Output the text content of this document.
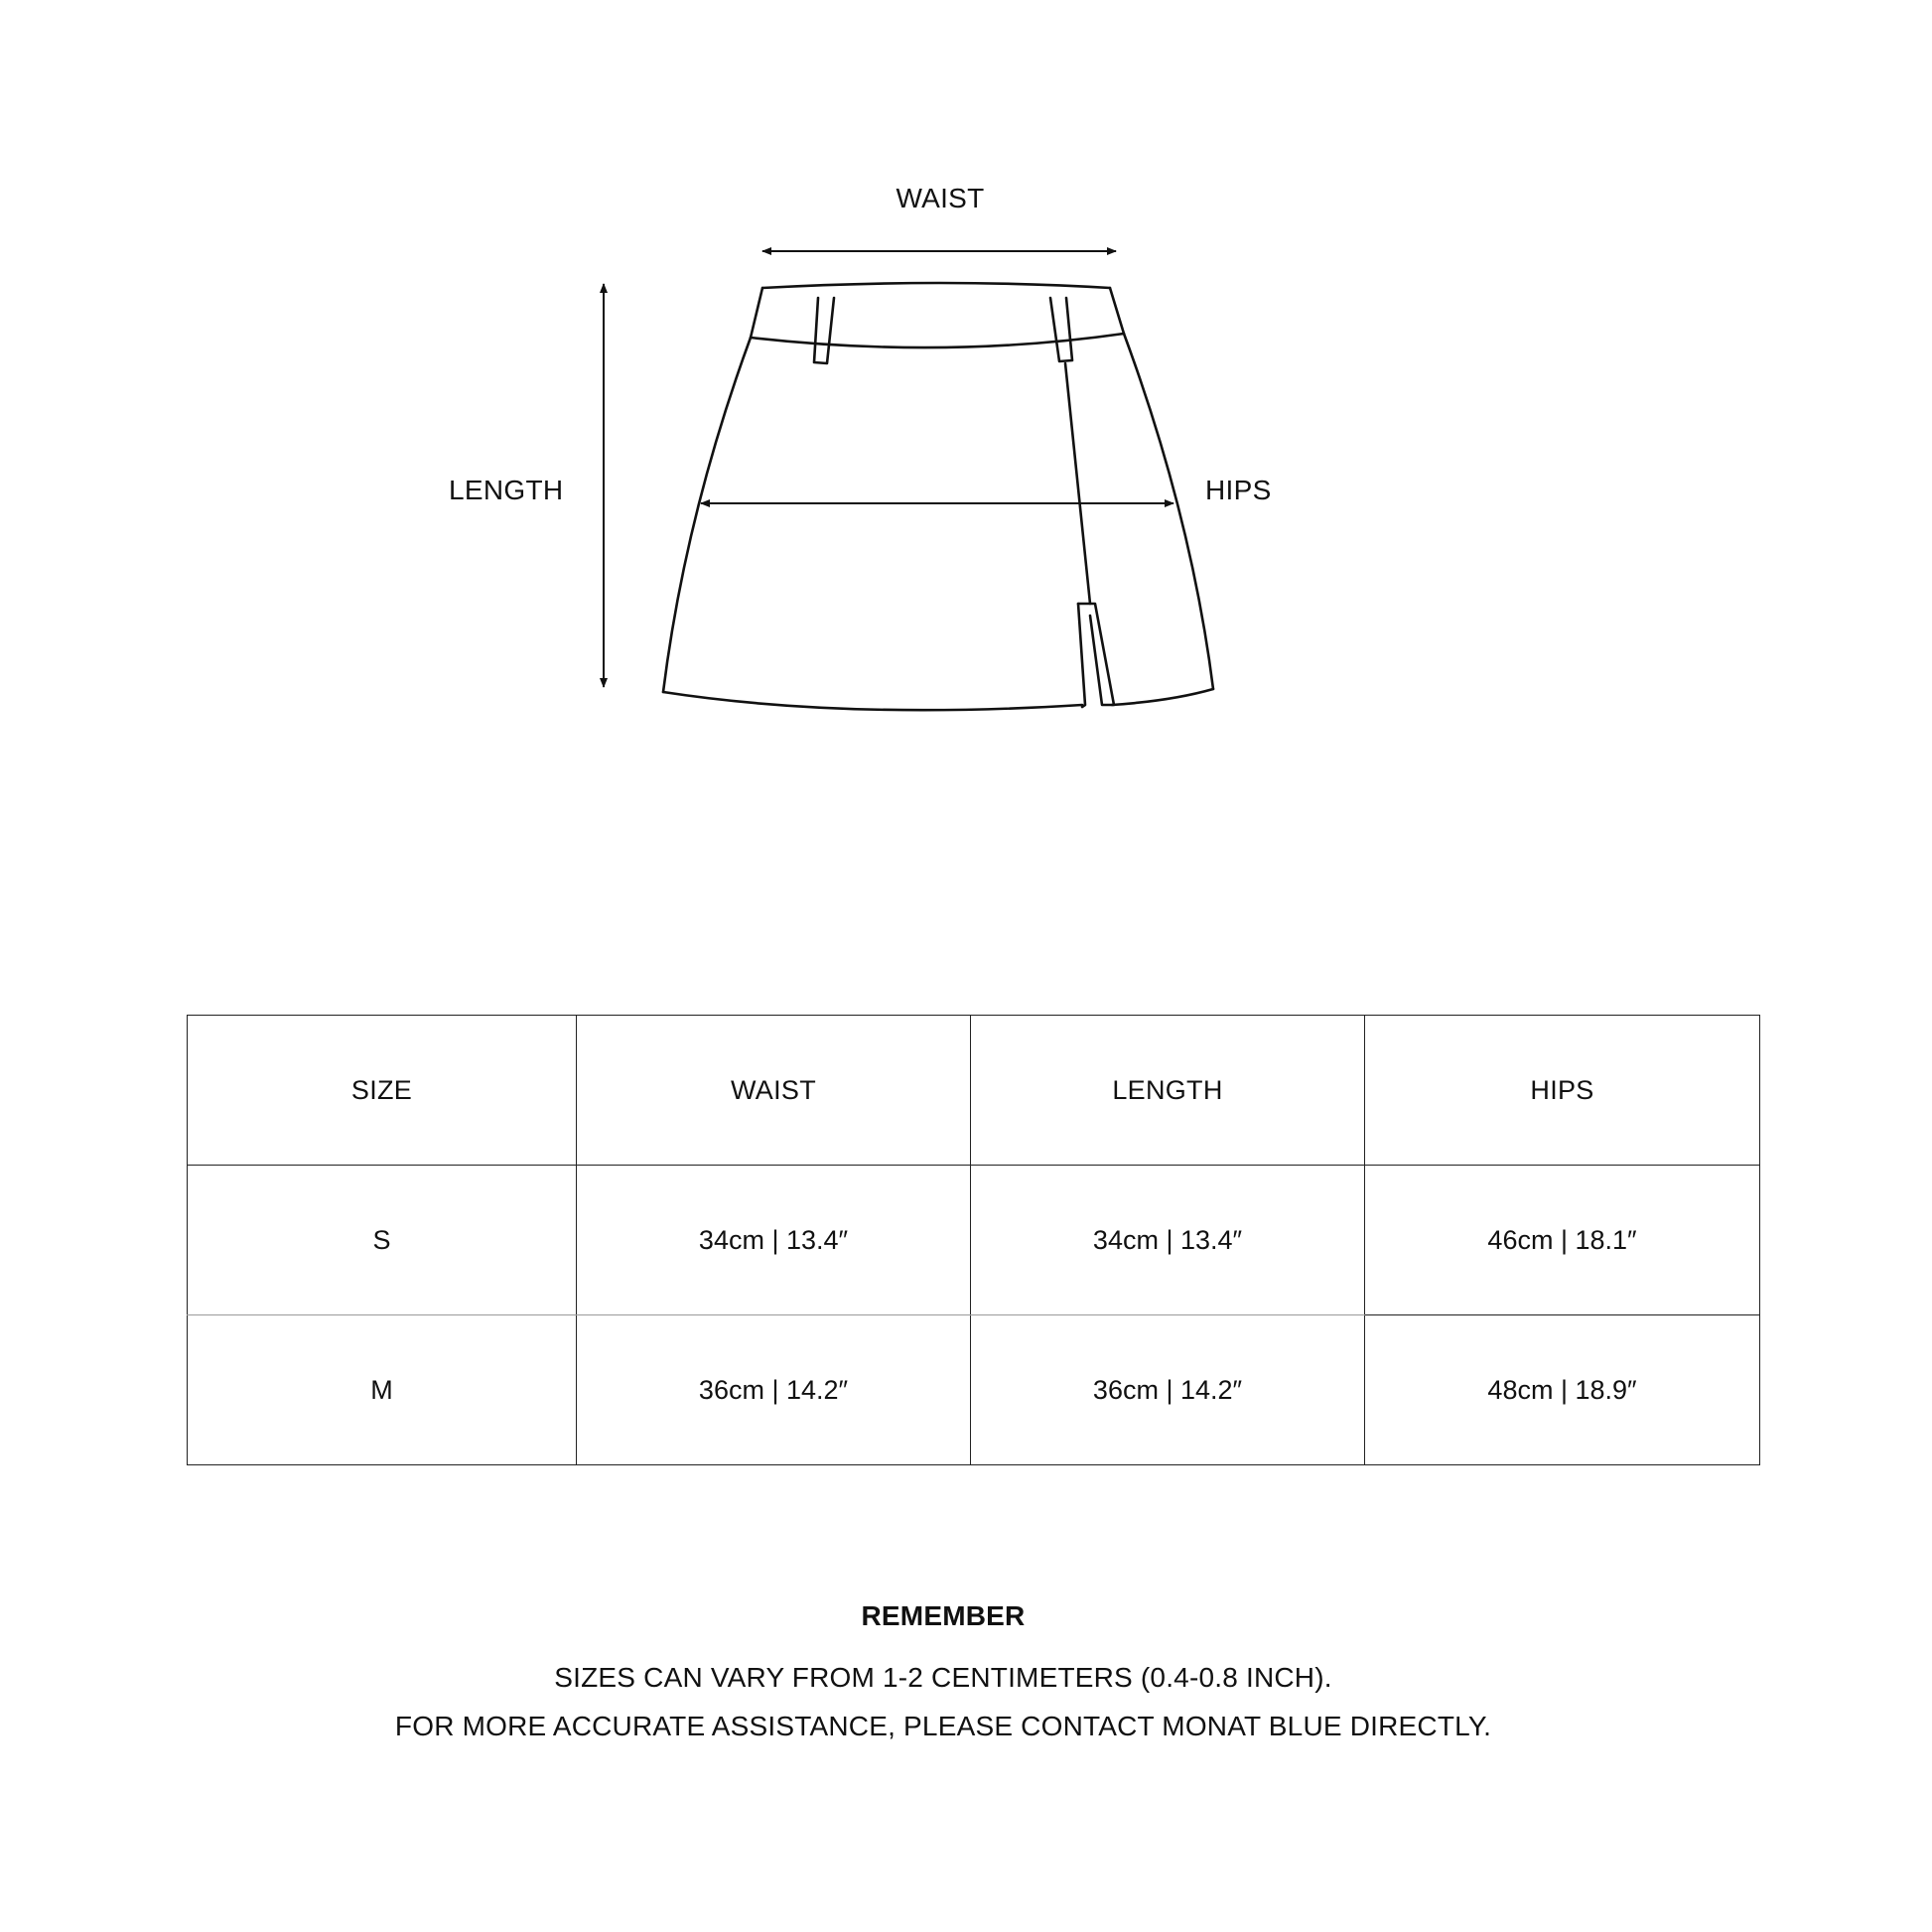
WAIST
LENGTH	HIPS
SIZE	WAIST	LENGTH	HIPS
S	34cm | 13.4″	34cm | 13.4″	46cm | 18.1″
M	36cm | 14.2″	36cm | 14.2″	48cm | 18.9″
REMEMBER
SIZES CAN VARY FROM 1-2 CENTIMETERS (0.4-0.8 INCH).
FOR MORE ACCURATE ASSISTANCE, PLEASE CONTACT MONAT BLUE DIRECTLY.
